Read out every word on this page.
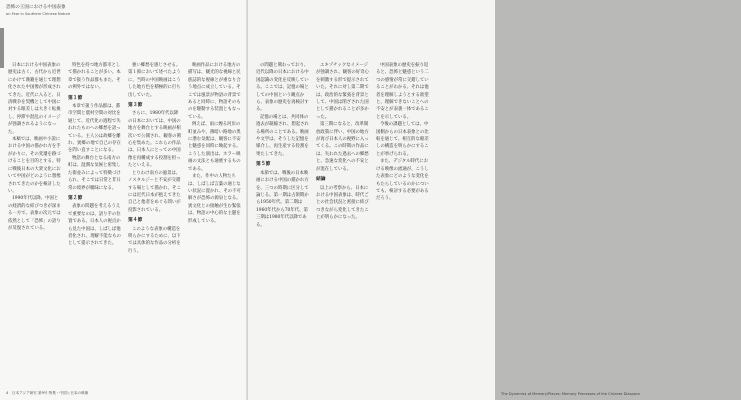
恐怖の王国における中国表象
on Fear in Southern Chinese Nature
日本における中国表象の歴史は古く、古代から近世にかけて漢籍を通じて理想化された中国像が形成されてきた。近代に入ると、日清戦争を契機として中国に対する眼差しは大きく転換し、停滞や混乱のイメージが強調されるようになった。
本稿では、映画や小説における中国の描かれ方を手がかりに、その変遷を跡づけることを目的とする。特に戦後日本の大衆文化において中国がどのように想像されてきたのかを検討したい。
1990年代以降、中国との経済的な結びつきが深まる一方で、表象の次元では依然として「恐怖」の語りが反復されている。
特色を持つ地方都市として描かれることが多い。本章で扱う作品群もまた、その例外ではない。
第１節
本章で扱う作品群は、都市空間と農村空間の対比を通じて、近代化の過程で失われたものへの郷愁を語っている。主人公は故郷を離れ、異郷の地で自己の存在を問い直すことになる。
物語の舞台となる南方の町は、湿潤な気候と密集した街並みによって特徴づけられ、そこでは日常と非日常の境界が曖昧になる。
第２節
表象の問題を考えるうえで重要なのは、語り手の位置である。日本人の視点から見た中国は、しばしば他者化され、理解不能なものとして提示されてきた。
強い郷愁を感じさせる。第１節において述べたように、当時の中国映画はこうした地方色を積極的に打ち出していた。
第３節
さらに、1980年代以降の日本においては、中国の地方を舞台とする映画が相次いで公開され、観客の関心を集めた。これらの作品は、日本人にとっての中国像を再構成する役割を担ったといえる。
とりわけ南方の風景は、ノスタルジーと不安が交錯する場として描かれ、そこには近代日本が抱えてきた自己と他者をめぐる問いが投影されている。
第４節
このような表象の構造を明らかにするために、以下では具体的な作品の分析を行う。
映画作品における地方の描写は、観光的な視線と民族誌的な視線とが重なり合う地点に成立している。そこでは風景が物語の背景であると同時に、物語そのものを駆動する装置ともなっている。
例えば、雨に煙る河岸の町並みや、薄暗い路地の奥に潜む気配は、観客に不安と魅惑を同時に喚起する。こうした演出は、ホラー映画の文法とも通底するものである。
また、作中の人物たちは、しばしば言葉の通じない状況に置かれ、その不可解さが恐怖の源泉となる。異文化との接触が生む緊張は、物語の中心的な主題を形成している。
4　日本アジア研究 第9号 特集・中国と日本の映像
の問題と関わっており、近代以降の日本における中国認識の変化を反映している。ここでは、記憶の場としての中国という観点から、表象の歴史を再検討する。
記憶の場とは、共同体の過去が凝縮され、想起される場所のことである。映画や文学は、そうした記憶を媒介し、再生産する役割を果たしてきた。
第５節
本節では、戦後の日本映画における中国の描かれ方を、三つの時期に区分して論じる。第一期は占領期から1950年代、第二期は1960年代から70年代、第三期は1980年代以降である。
エキゾチックなイメージが強調され、観客の好奇心を刺激する形で提示されていた。それに対し第二期では、政治的な緊張を背景として、中国は閉ざされた国として描かれることが多かった。
第三期になると、改革開放政策に伴い、中国の地方が再び日本人の視野に入ってくる。この時期の作品には、失われた過去への郷愁と、急速な変化への不安とが混在している。
結論
以上の考察から、日本における中国表象は、時代ごとの社会状況と密接に結びつきながら変化してきたことが明らかになった。
中国表象の歴史を振り返ると、恐怖と魅惑という二つの感情が常に交錯していることがわかる。それは他者を理解しようとする欲望と、理解できないことへの不安とが表裏一体であることを示している。
今後の課題としては、中国側からの日本表象との比較を通じて、相互的な眼差しの構造を明らかにすることが挙げられる。
また、デジタル時代における映像の流通が、こうした表象にどのような変化をもたらしているのかについても、検討する必要があるだろう。
The Dynamics of Memory/Places: Memory Processes of the Chinese Diaspora
